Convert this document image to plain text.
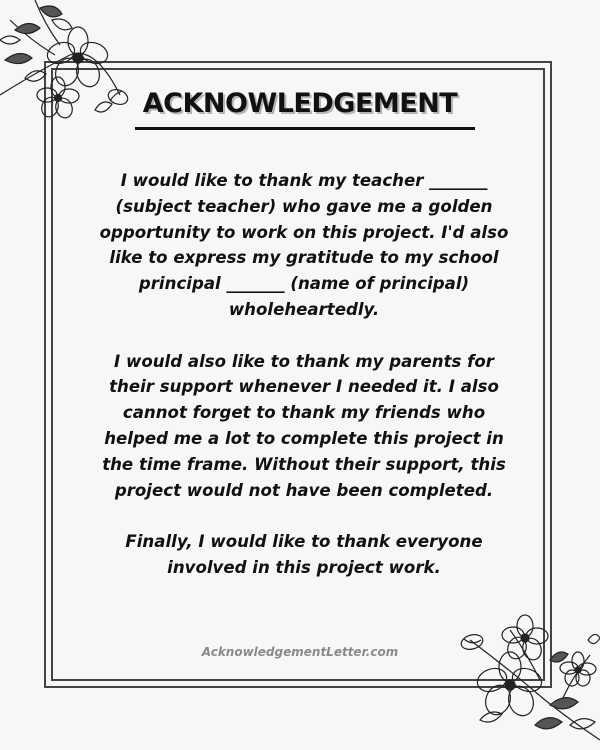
ACKNOWLEDGEMENT

I would like to thank my teacher _______ (subject teacher) who gave me a golden opportunity to work on this project. I'd also like to express my gratitude to my school principal _______ (name of principal) wholeheartedly.

I would also like to thank my parents for their support whenever I needed it. I also cannot forget to thank my friends who helped me a lot to complete this project in the time frame. Without their support, this project would not have been completed.

Finally, I would like to thank everyone involved in this project work.

AcknowledgementLetter.com
